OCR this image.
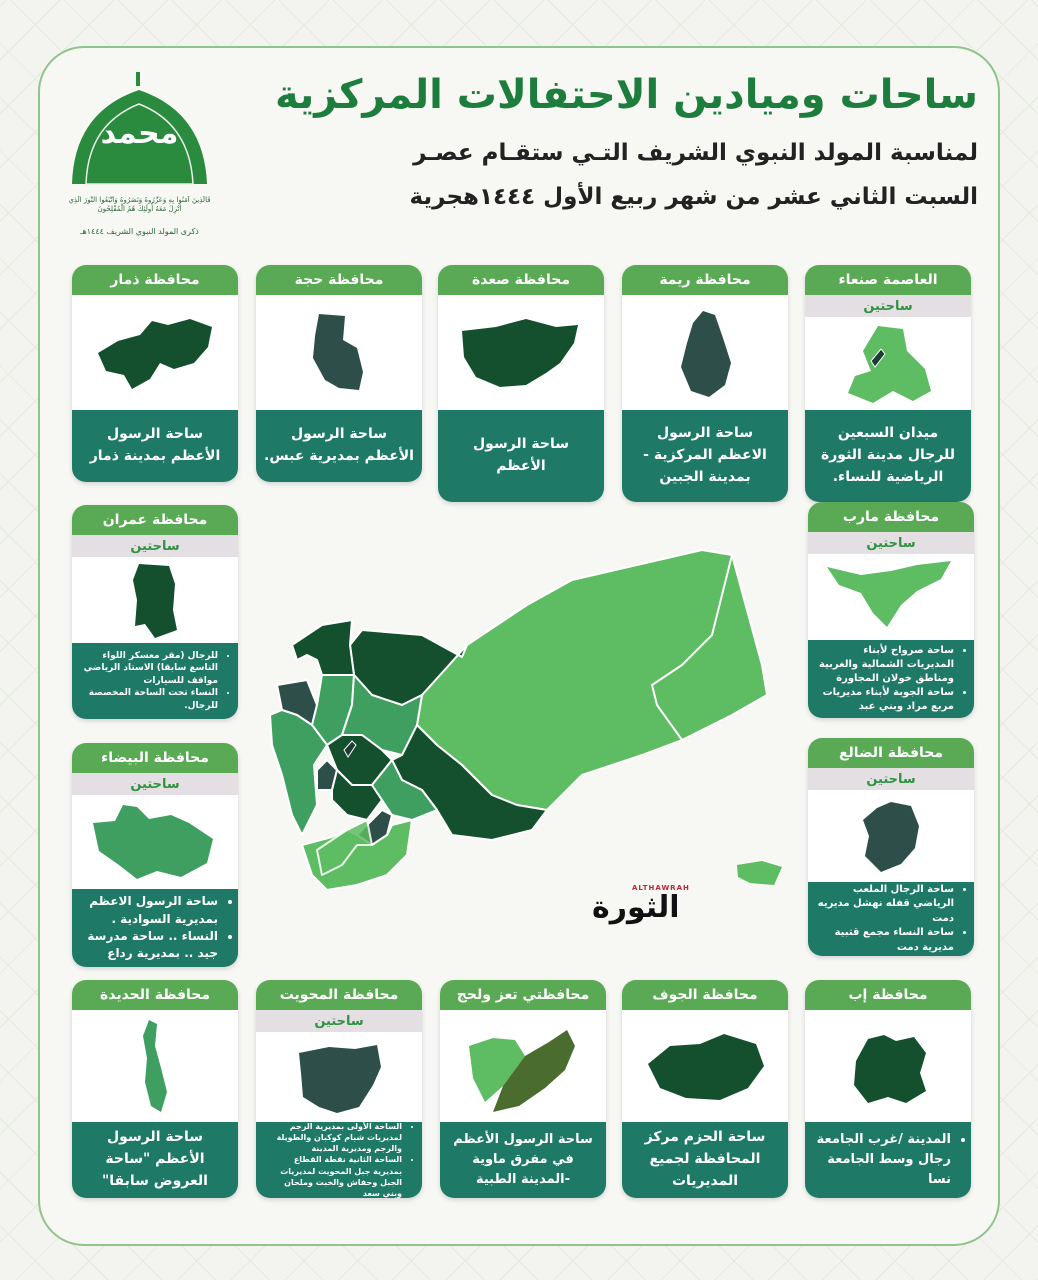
ساحات وميادين الاحتفالات المركزية
لمناسبة المولد النبوي الشريف التـي ستقـام عصـر
السبت الثاني عشر من شهر ربيع الأول ١٤٤٤هجرية
محمد
فَالَّذِينَ آمَنُوا بِهِ وَعَزَّرُوهُ وَنَصَرُوهُ وَاتَّبَعُوا النُّورَ الَّذِي أُنْزِلَ مَعَهُ أُولَئِكَ هُمُ الْمُفْلِحُونَ
ذكرى المولد النبوي الشريف ١٤٤٤هـ
العاصمة صنعاء
ساحتين
ميدان السبعين للرجال مدينة الثورة الرياضية للنساء.
محافظة ريمة
ساحة الرسول الاعظم المركزية - بمدينة الجبين
محافظة صعدة
ساحة الرسول الأعظم
محافظة حجة
ساحة الرسول الأعظم بمديرية عبس.
محافظة ذمار
ساحة الرسول الأعظم بمدينة ذمار
محافظة عمران
ساحتين
• للرجال (مقر معسكر اللواء التاسع سابقا) الاستاد الرياضي مواقف للسيارات
• النساء تحت الساحة المخصصة للرجال.
محافظة البيضاء
ساحتين
• ساحة الرسول الاعظم بمديرية السوادية .
• النساء .. ساحة مدرسة جيد .. بمديرية رداع
محافظة مارب
ساحتين
• ساحة صرواح لأبناء المديريات الشمالية والغربية ومناطق خولان المجاورة
• ساحة الجوبة لأبناء مديريات مربع مراد وبني عبد
محافظة الضالع
ساحتين
• ساحة الرجال الملعب الرياضي قفله نهشل مديريه دمت
• ساحة النساء مجمع قتبية مديرية دمت
محافظة إب
• المدينة /غرب الجامعة رجال وسط الجامعة نسا
محافظة الجوف
ساحة الحزم مركز المحافظة لجميع المديريات
محافظتي تعز ولحج
ساحة الرسول الأعظم في مفرق ماوية -المدينة الطبية
محافظة المحويت
ساحتين
• الساحة الأولى بمديرية الرجم لمديريات شبام كوكبان والطويلة والرجم ومديرية المدينة
• الساحة الثانية نقطة القطاع بمديرية جبل المحويت لمديريات الجبل وحفاش والخبت وملحان وبني سعد
محافظة الحديدة
ساحة الرسول الأعظم "ساحة العروض سابقا"
ALTHAWRAH
الثورة
